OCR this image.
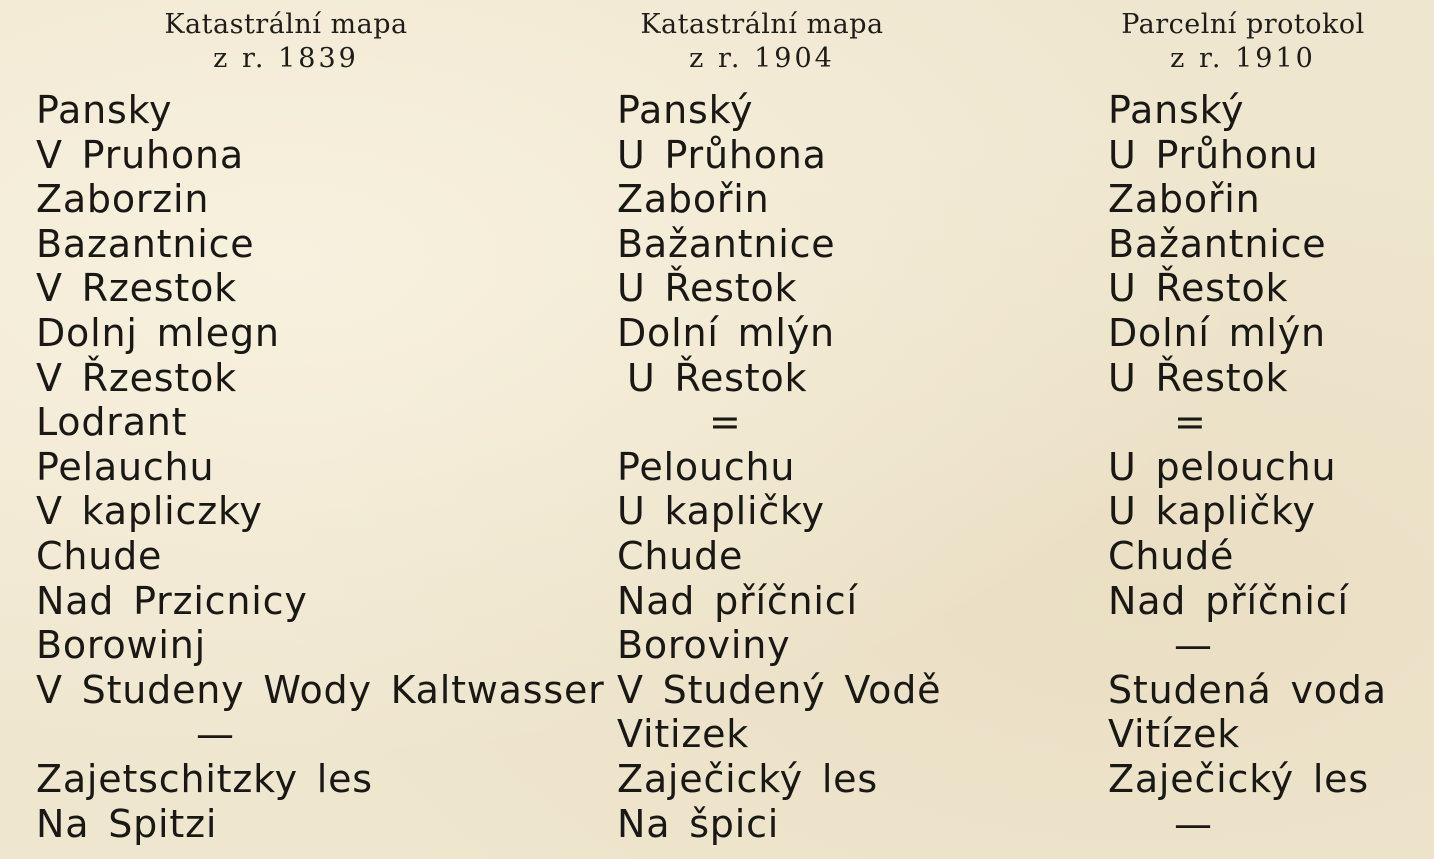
Katastrální mapa
z r. 1839
Pansky
V Pruhona
Zaborzin
Bazantnice
V Rzestok
Dolnj mlegn
V Řzestok
Lodrant
Pelauchu
V kapliczky
Chude
Nad Przicnicy
Borowinj
V Studeny Wody Kaltwasser
—
Zajetschitzky les
Na Spitzi
Katastrální mapa
z r. 1904
Panský
U Průhona
Zabořin
Bažantnice
U Řestok
Dolní mlýn
U Řestok
=
Pelouchu
U kapličky
Chude
Nad příčnicí
Boroviny
V Studený Vodě
Vitizek
Zaječický les
Na špici
Parcelní protokol
z r. 1910
Panský
U Průhonu
Zabořin
Bažantnice
U Řestok
Dolní mlýn
U Řestok
=
U pelouchu
U kapličky
Chudé
Nad příčnicí
—
Studená voda
Vitízek
Zaječický les
—
